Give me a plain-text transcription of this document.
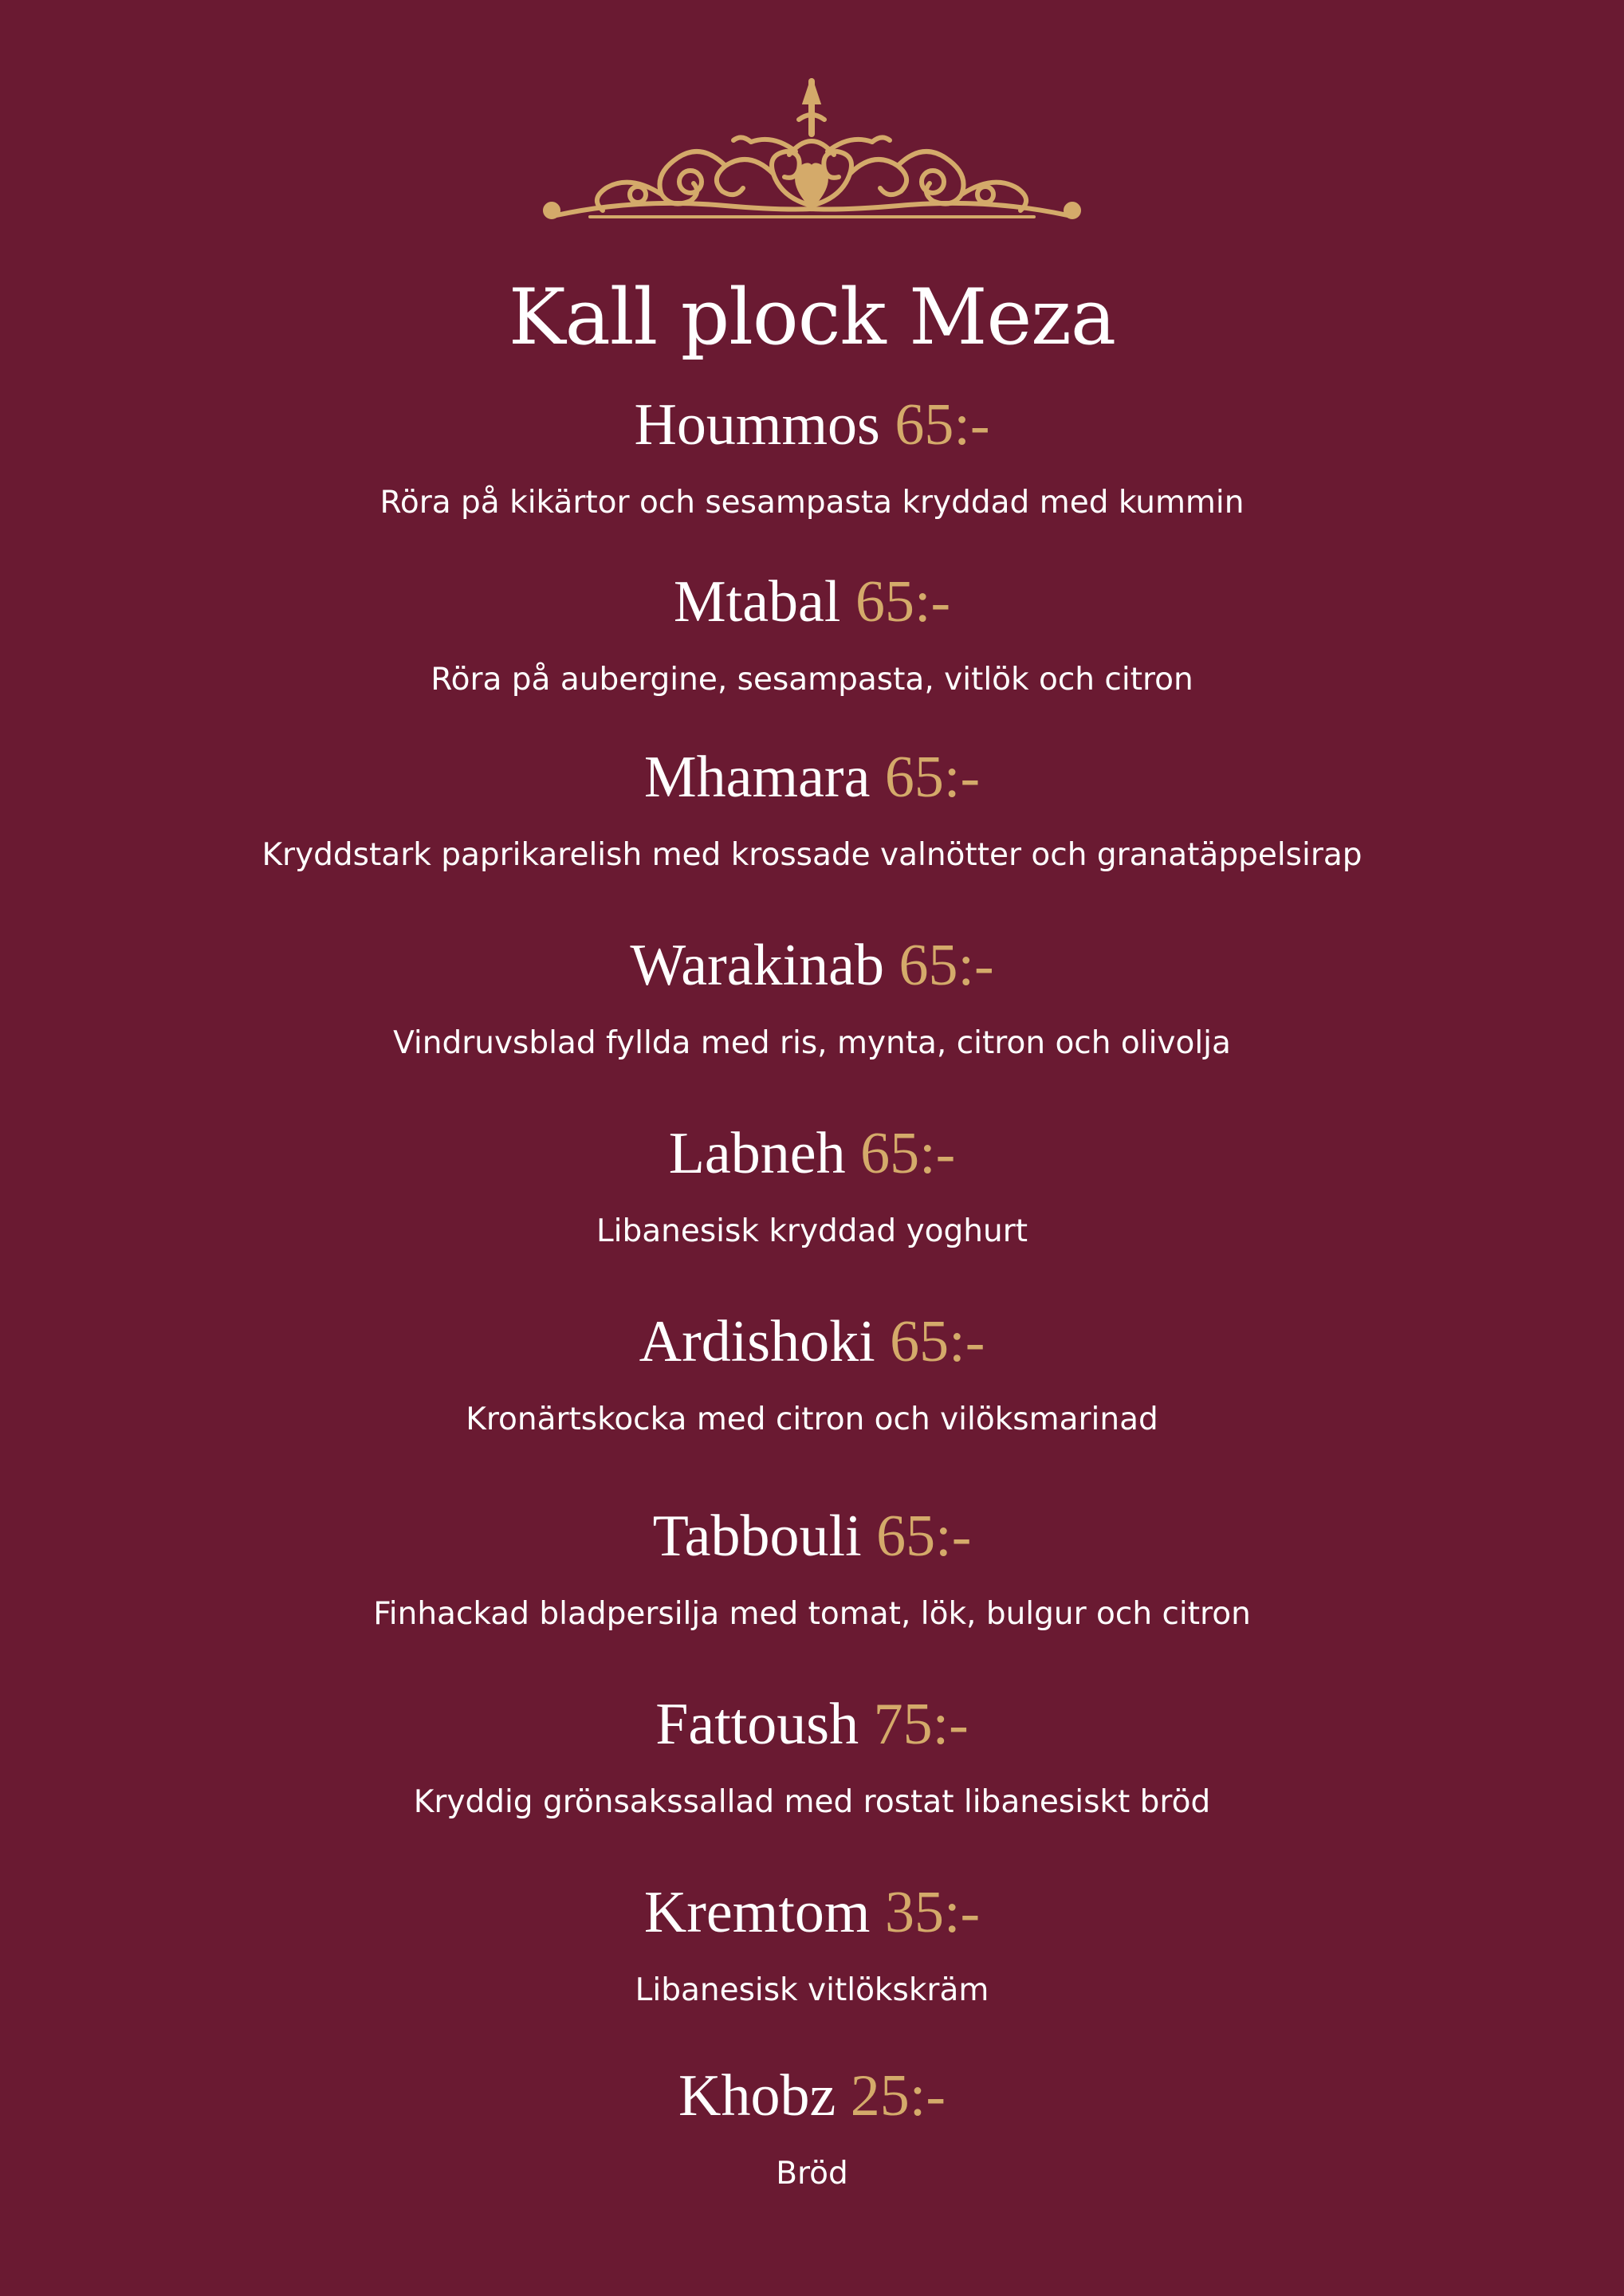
Kall plock Meza
Hoummos 65:-
Röra på kikärtor och sesampasta kryddad med kummin
Mtabal 65:-
Röra på aubergine, sesampasta, vitlök och citron
Mhamara 65:-
Kryddstark paprikarelish med krossade valnötter och granatäppelsirap
Warakinab 65:-
Vindruvsblad fyllda med ris, mynta, citron och olivolja
Labneh 65:-
Libanesisk kryddad yoghurt
Ardishoki 65:-
Kronärtskocka med citron och vilöksmarinad
Tabbouli 65:-
Finhackad bladpersilja med tomat, lök, bulgur och citron
Fattoush 75:-
Kryddig grönsakssallad med rostat libanesiskt bröd
Kremtom 35:-
Libanesisk vitlökskräm
Khobz 25:-
Bröd
